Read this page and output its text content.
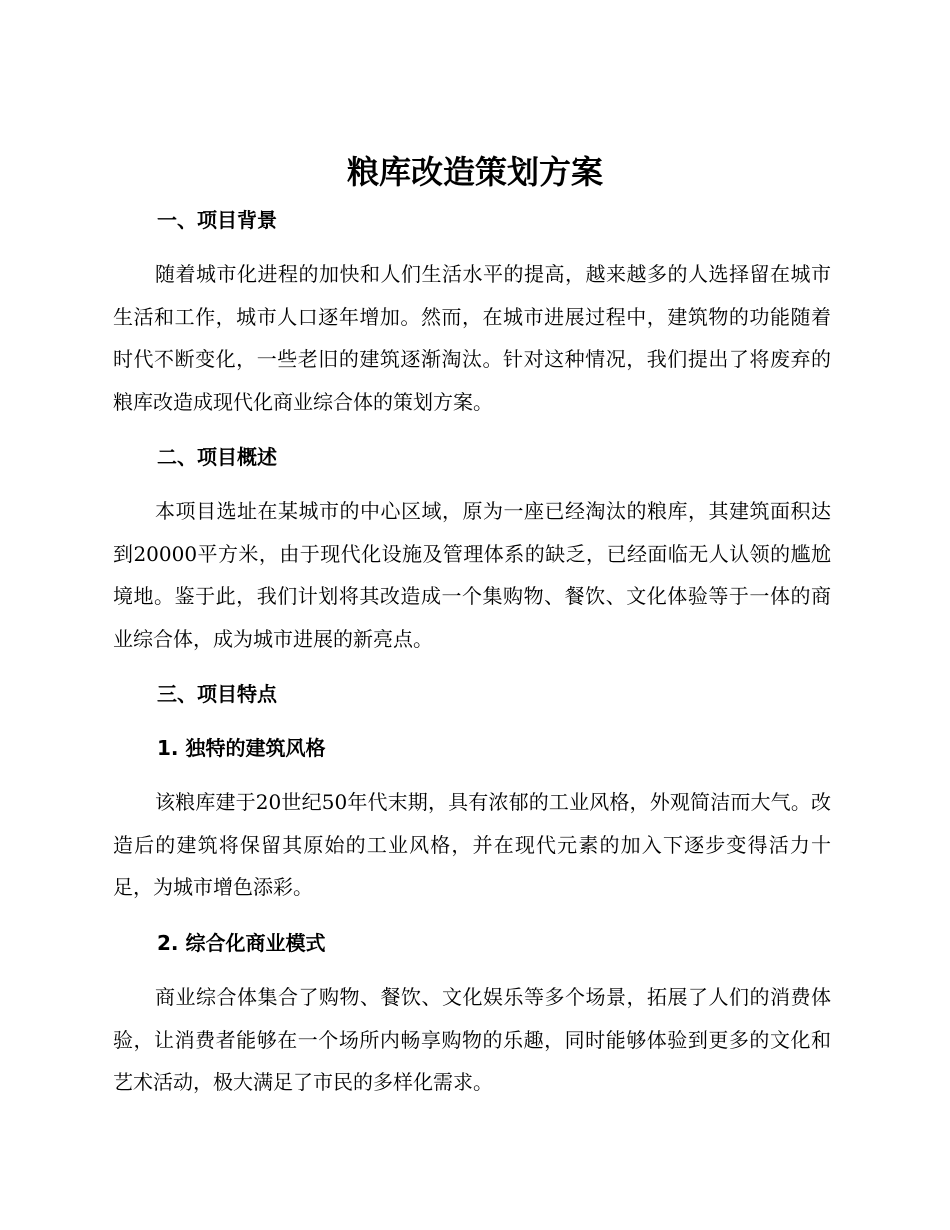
粮库改造策划方案
一、项目背景

随着城市化进程的加快和人们生活水平的提高，越来越多的人选择留在城市生活和工作，城市人口逐年增加。然而，在城市进展过程中，建筑物的功能随着时代不断变化，一些老旧的建筑逐渐淘汰。针对这种情况，我们提出了将废弃的粮库改造成现代化商业综合体的策划方案。

二、项目概述

本项目选址在某城市的中心区域，原为一座已经淘汰的粮库，其建筑面积达到20000平方米，由于现代化设施及管理体系的缺乏，已经面临无人认领的尴尬境地。鉴于此，我们计划将其改造成一个集购物、餐饮、文化体验等于一体的商业综合体，成为城市进展的新亮点。

三、项目特点
1. 独特的建筑风格

该粮库建于20世纪50年代末期，具有浓郁的工业风格，外观简洁而大气。改造后的建筑将保留其原始的工业风格，并在现代元素的加入下逐步变得活力十足，为城市增色添彩。

2. 综合化商业模式

商业综合体集合了购物、餐饮、文化娱乐等多个场景，拓展了人们的消费体验，让消费者能够在一个场所内畅享购物的乐趣，同时能够体验到更多的文化和艺术活动，极大满足了市民的多样化需求。
